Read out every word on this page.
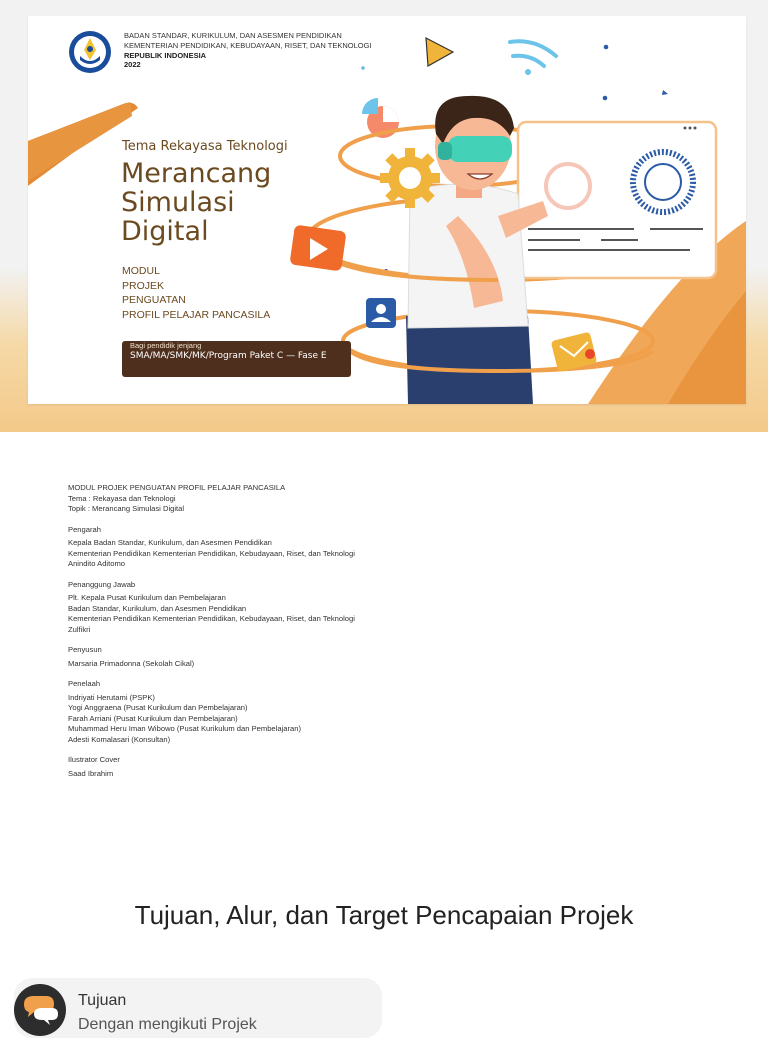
BADAN STANDAR, KURIKULUM, DAN ASESMEN PENDIDIKAN
KEMENTERIAN PENDIDIKAN, KEBUDAYAAN, RISET, DAN TEKNOLOGI
REPUBLIK INDONESIA
2022
Tema Rekayasa Teknologi
Merancang
Simulasi
Digital
MODUL
PROJEK
PENGUATAN
PROFIL PELAJAR PANCASILA
Bagi pendidik jenjang
SMA/MA/SMK/MK/Program Paket C — Fase E
MODUL PROJEK PENGUATAN PROFIL PELAJAR PANCASILA
Tema : Rekayasa dan Teknologi
Topik : Merancang Simulasi Digital
Pengarah
Kepala Badan Standar, Kurikulum, dan Asesmen Pendidikan
Kementerian Pendidikan Kementerian Pendidikan, Kebudayaan, Riset, dan Teknologi
Anindito Aditomo
Penanggung Jawab
Plt. Kepala Pusat Kurikulum dan Pembelajaran
Badan Standar, Kurikulum, dan Asesmen Pendidikan
Kementerian Pendidikan Kementerian Pendidikan, Kebudayaan, Riset, dan Teknologi
Zulfikri
Penyusun
Marsaria Primadonna (Sekolah Cikal)
Penelaah
Indriyati Herutami (PSPK)
Yogi Anggraena (Pusat Kurikulum dan Pembelajaran)
Farah Arriani (Pusat Kurikulum dan Pembelajaran)
Muhammad Heru Iman Wibowo (Pusat Kurikulum dan Pembelajaran)
Adesti Komalasari (Konsultan)
Ilustrator Cover
Saad Ibrahim
Tujuan, Alur, dan Target Pencapaian Projek
Tujuan
Dengan mengikuti Projek
